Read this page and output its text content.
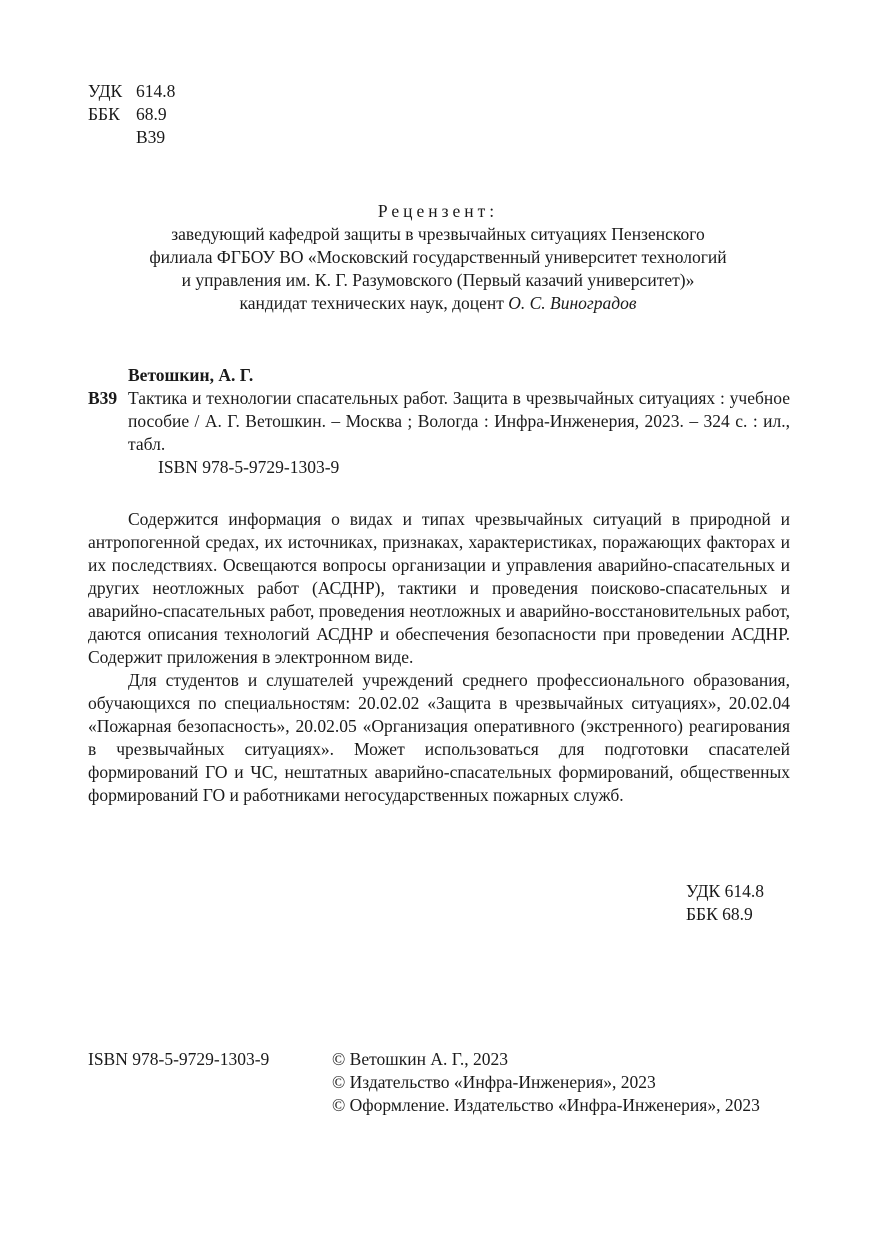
УДК 614.8
ББК 68.9
В39
Рецензент:
заведующий кафедрой защиты в чрезвычайных ситуациях Пензенского
филиала ФГБОУ ВО «Московский государственный университет технологий
и управления им. К. Г. Разумовского (Первый казачий университет)»
кандидат технических наук, доцент О. С. Виноградов
Ветошкин, А. Г.
В39 Тактика и технологии спасательных работ. Защита в чрезвычайных ситуациях : учебное пособие / А. Г. Ветошкин. – Москва ; Вологда : Инфра-Инженерия, 2023. – 324 с. : ил., табл.
ISBN 978-5-9729-1303-9

Содержится информация о видах и типах чрезвычайных ситуаций в природной и антропогенной средах, их источниках, признаках, характеристиках, поражающих факторах и их последствиях. Освещаются вопросы организации и управления аварийно-спасательных и других неотложных работ (АСДНР), тактики и проведения поисково-спасательных и аварийно-спасательных работ, проведения неотложных и аварийно-восстановительных работ, даются описания технологий АСДНР и обеспечения безопасности при проведении АСДНР. Содержит приложения в электронном виде.

Для студентов и слушателей учреждений среднего профессионального образования, обучающихся по специальностям: 20.02.02 «Защита в чрезвычайных ситуациях», 20.02.04 «Пожарная безопасность», 20.02.05 «Организация оперативного (экстренного) реагирования в чрезвычайных ситуациях». Может использоваться для подготовки спасателей формирований ГО и ЧС, нештатных аварийно-спасательных формирований, общественных формирований ГО и работниками негосударственных пожарных служб.

УДК 614.8
ББК 68.9
ISBN 978-5-9729-1303-9	© Ветошкин А. Г., 2023
© Издательство «Инфра-Инженерия», 2023
© Оформление. Издательство «Инфра-Инженерия», 2023
